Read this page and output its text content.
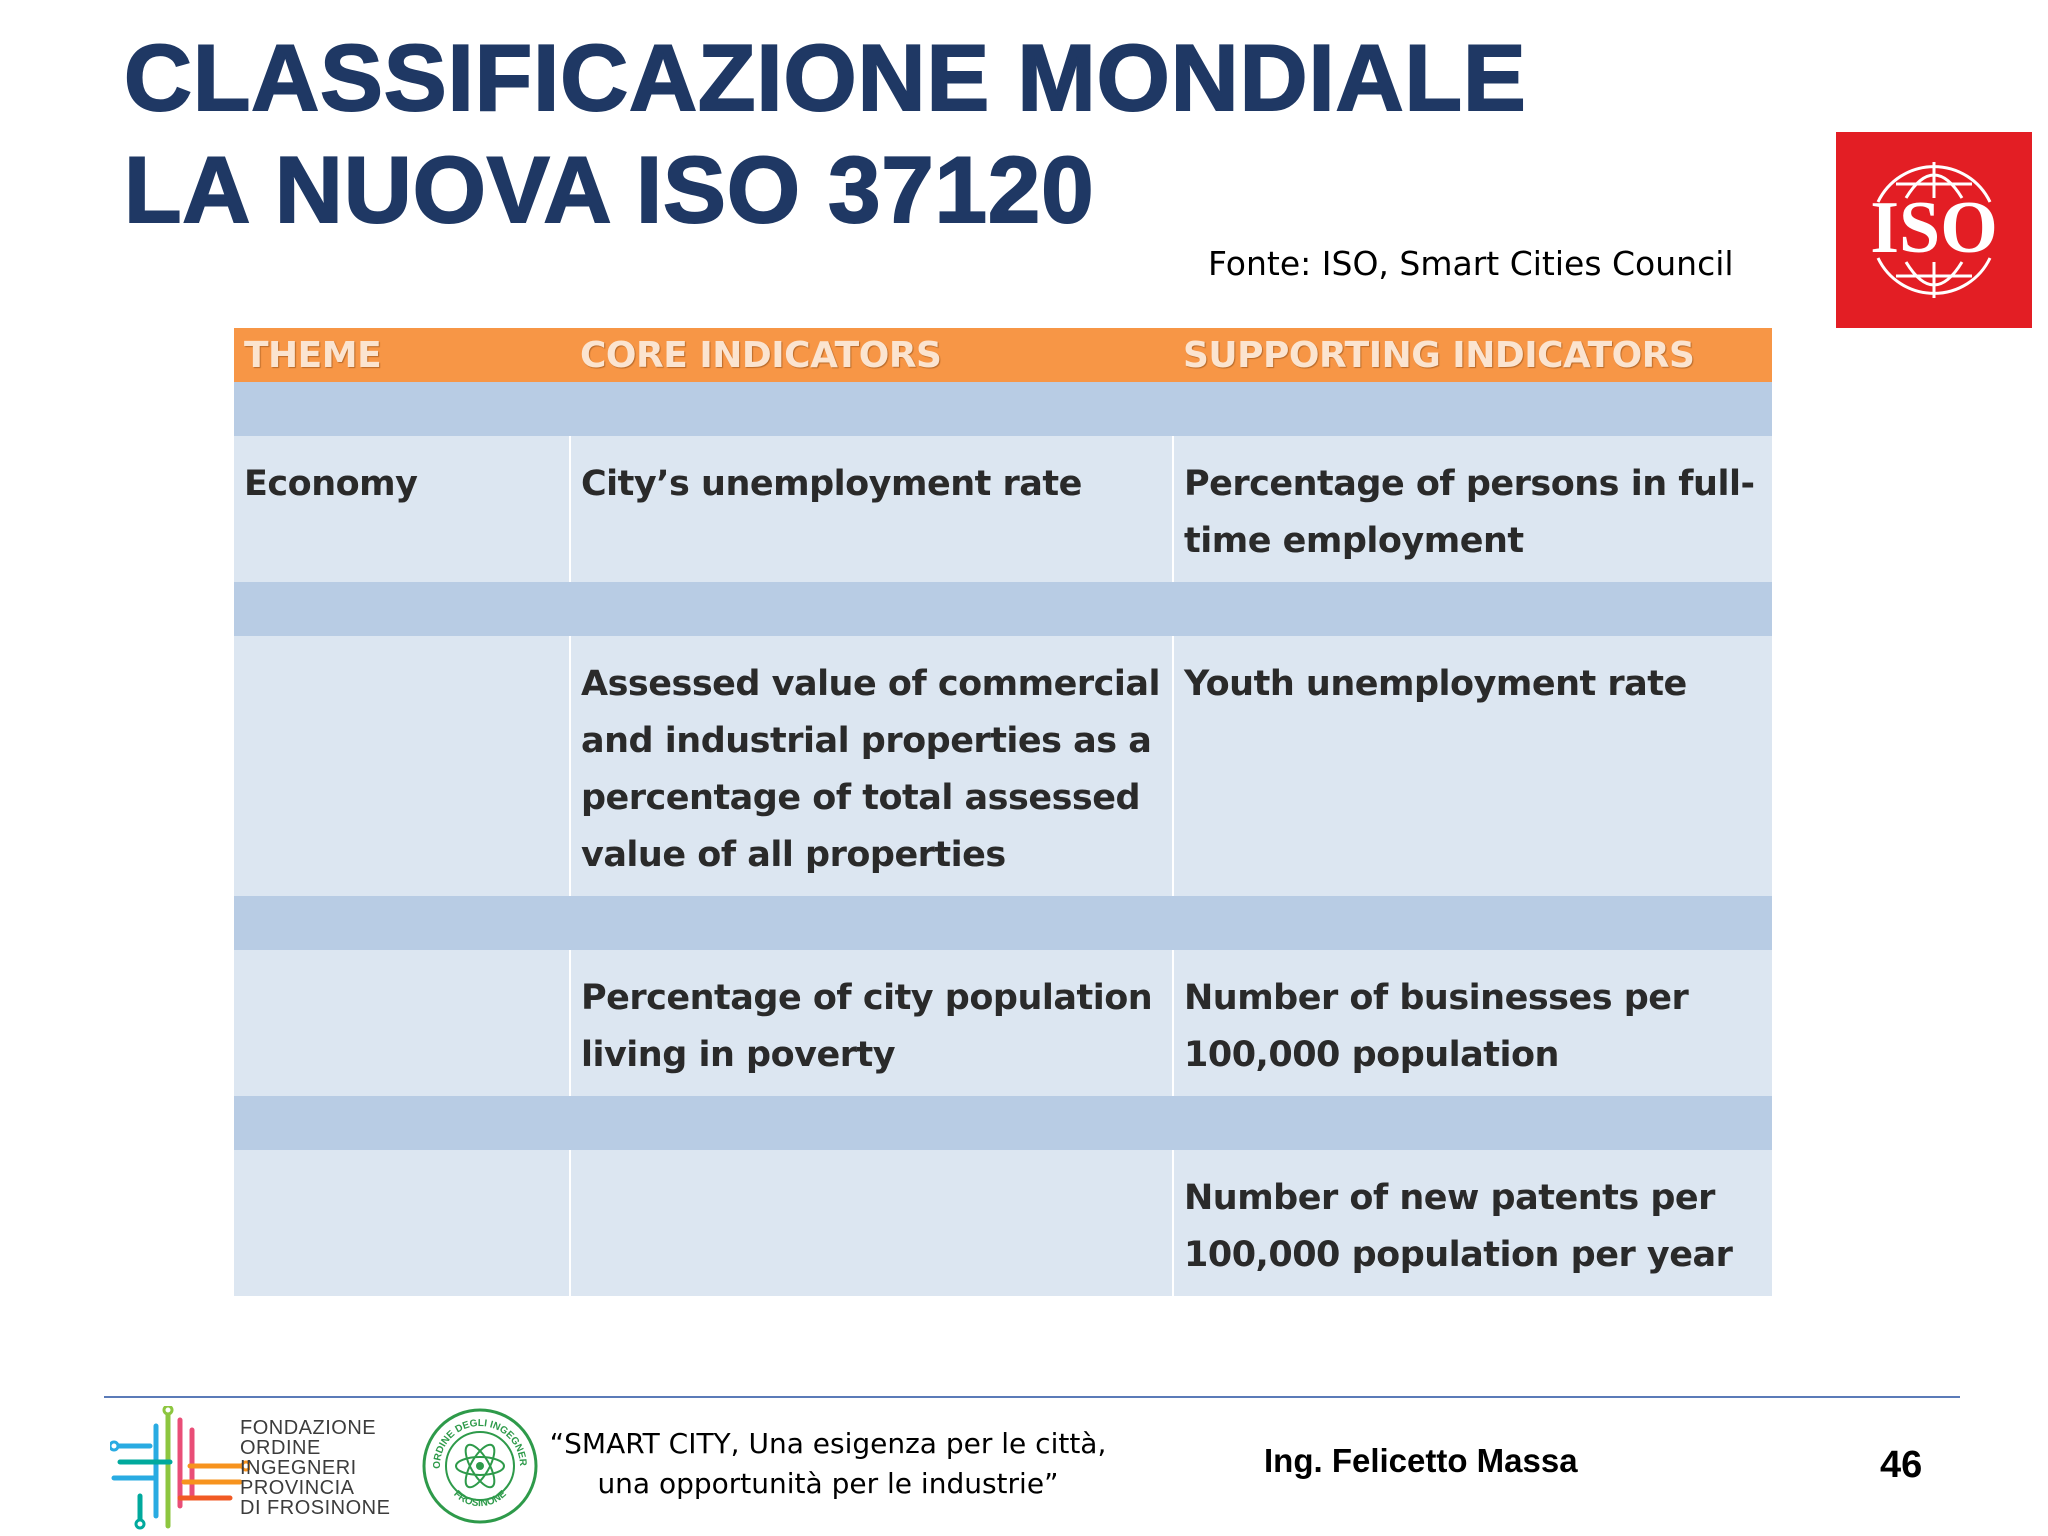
CLASSIFICAZIONE MONDIALE
LA NUOVA ISO 37120
Fonte: ISO, Smart Cities Council ISO
THEME	CORE INDICATORS	SUPPORTING INDICATORS

Economy	City’s unemployment rate	Percentage of persons in full-time employment

	Assessed value of commercial and industrial properties as a percentage of total assessed value of all properties	Youth unemployment rate

	Percentage of city population living in poverty	Number of businesses per 100,000 population

		Number of new patents per 100,000 population per year
FONDAZIONE
ORDINE
INGEGNERI
PROVINCIA
DI FROSINONE
ORDINE DEGLI INGEGNER
FROSINONE
“SMART CITY, Una esigenza per le città,
una opportunità per le industrie”
Ing. Felicetto Massa	46
